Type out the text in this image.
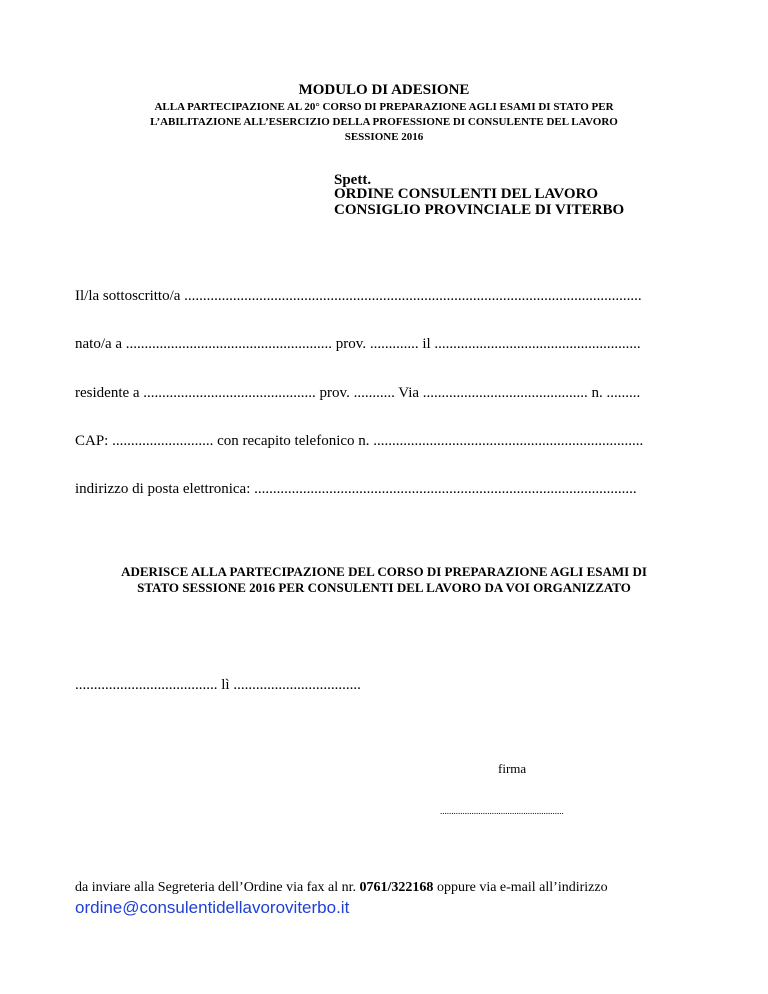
MODULO DI ADESIONE
ALLA PARTECIPAZIONE AL 20° CORSO DI PREPARAZIONE AGLI ESAMI DI STATO PER
L’ABILITAZIONE ALL’ESERCIZIO DELLA PROFESSIONE DI CONSULENTE DEL LAVORO
SESSIONE 2016
Spett.
ORDINE CONSULENTI DEL LAVORO
CONSIGLIO PROVINCIALE DI VITERBO
Il/la sottoscritto/a ..........................................................................................................................
nato/a a ....................................................... prov. ............. il .......................................................
residente a .............................................. prov. ........... Via ............................................ n. .........
CAP: ........................... con recapito telefonico n. ........................................................................
indirizzo di posta elettronica: ......................................................................................................
ADERISCE ALLA PARTECIPAZIONE DEL CORSO DI PREPARAZIONE AGLI ESAMI DI
STATO SESSIONE 2016 PER CONSULENTI DEL LAVORO DA VOI ORGANIZZATO
...................................... lì ..................................
firma
.......................................................
da inviare alla Segreteria dell’Ordine via fax al nr. 0761/322168 oppure via e-mail all’indirizzo
ordine@consulentidellavoroviterbo.it
